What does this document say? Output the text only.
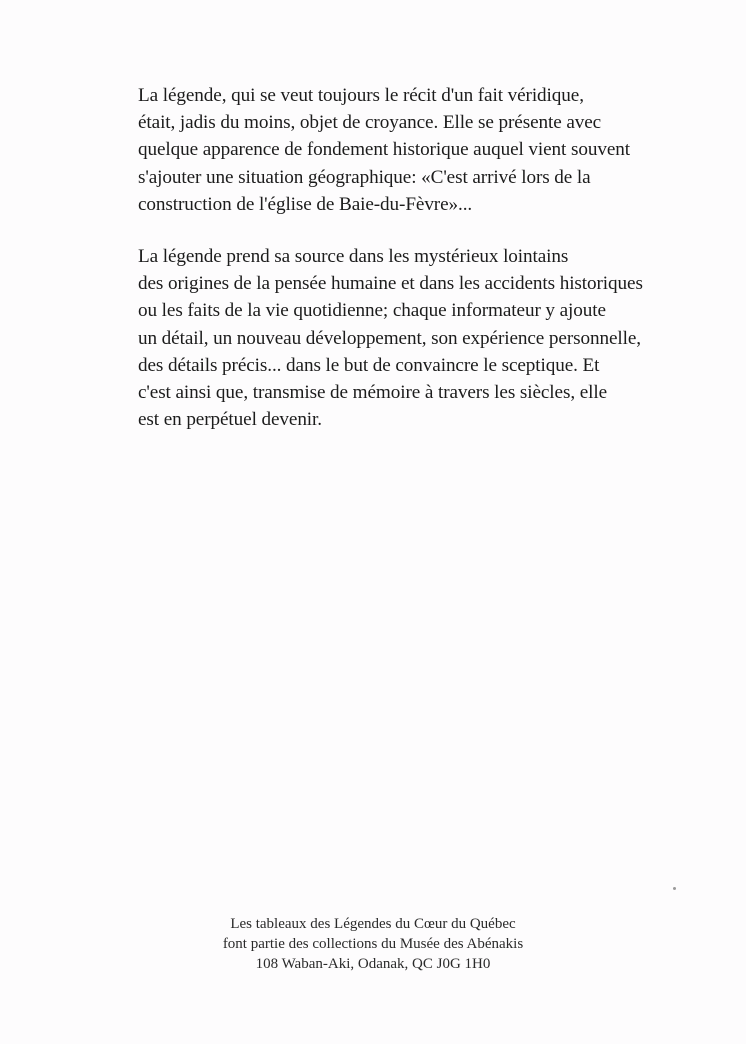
La légende, qui se veut toujours le récit d'un fait véridique,
était, jadis du moins, objet de croyance. Elle se présente avec
quelque apparence de fondement historique auquel vient souvent
s'ajouter une situation géographique: «C'est arrivé lors de la
construction de l'église de Baie-du-Fèvre»...

La légende prend sa source dans les mystérieux lointains
des origines de la pensée humaine et dans les accidents historiques
ou les faits de la vie quotidienne; chaque informateur y ajoute
un détail, un nouveau développement, son expérience personnelle,
des détails précis... dans le but de convaincre le sceptique. Et
c'est ainsi que, transmise de mémoire à travers les siècles, elle
est en perpétuel devenir.

Les tableaux des Légendes du Cœur du Québec
font partie des collections du Musée des Abénakis
108 Waban-Aki, Odanak, QC J0G 1H0
